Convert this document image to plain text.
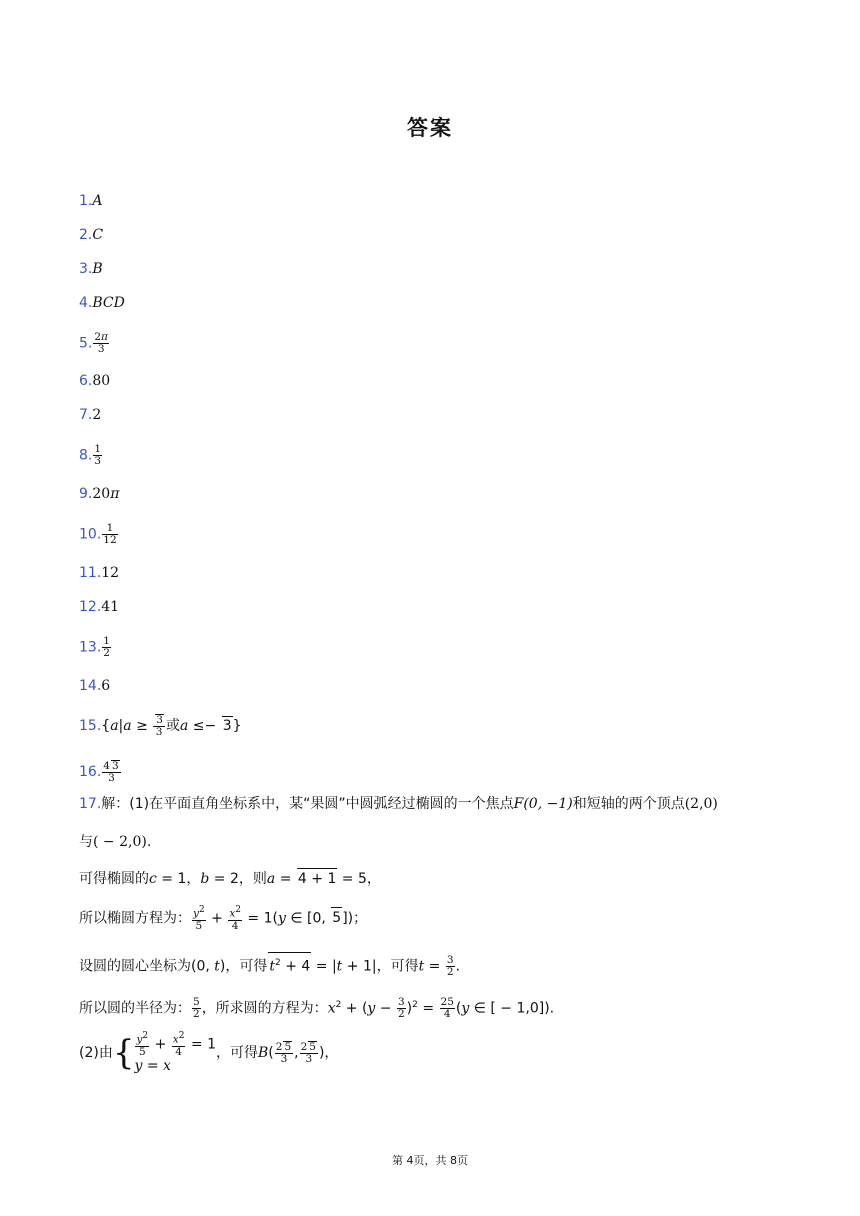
答案
1.A
2.C
3.B
4.BCD
5. $\frac{2\pi}{3}$
6.80
7.2
8. $\frac{1}{3}$
9.20π
10. $\frac{1}{12}$
11.12
12.41
13. $\frac{1}{2}$
14.6
$15.\{a|a \ge \frac{3}{3}$ 或a ≤− 3}
16. $\frac{4 3}{3}$
17.解：(1)在平面直角坐标系中，某“果圆”中圆弧经过椭圆的一个焦点F(0, −1)和短轴的两个顶点(2,0)
与( − 2,0).
可得椭圆的c = 1，b = 2，则a = 4 + 1 = 5，
所以椭圆方程为： $\frac{y2}{5} + \frac{x2}{4} = 1(y$ ∈ [0, 5])；
设圆的圆心坐标为(0, t)，可得 $t^2 + 4 = |t + 1|$，可得$t = \frac{3}{2}$ .
所以圆的半径为： $\frac{5}{2}$ ，所求圆的方程为：$x^2 + (y - \frac{3}{2} )^2 = \frac{25}{4} (y$ ∈ [ − 1,0]).
(2)由{ $\frac{y2}{5} + \frac{x2}{4} = 1$
y = x
，可得$B( \frac{2 5}{3}$ , $\frac{2 5}{3}$ )，
第 4页，共 8页
